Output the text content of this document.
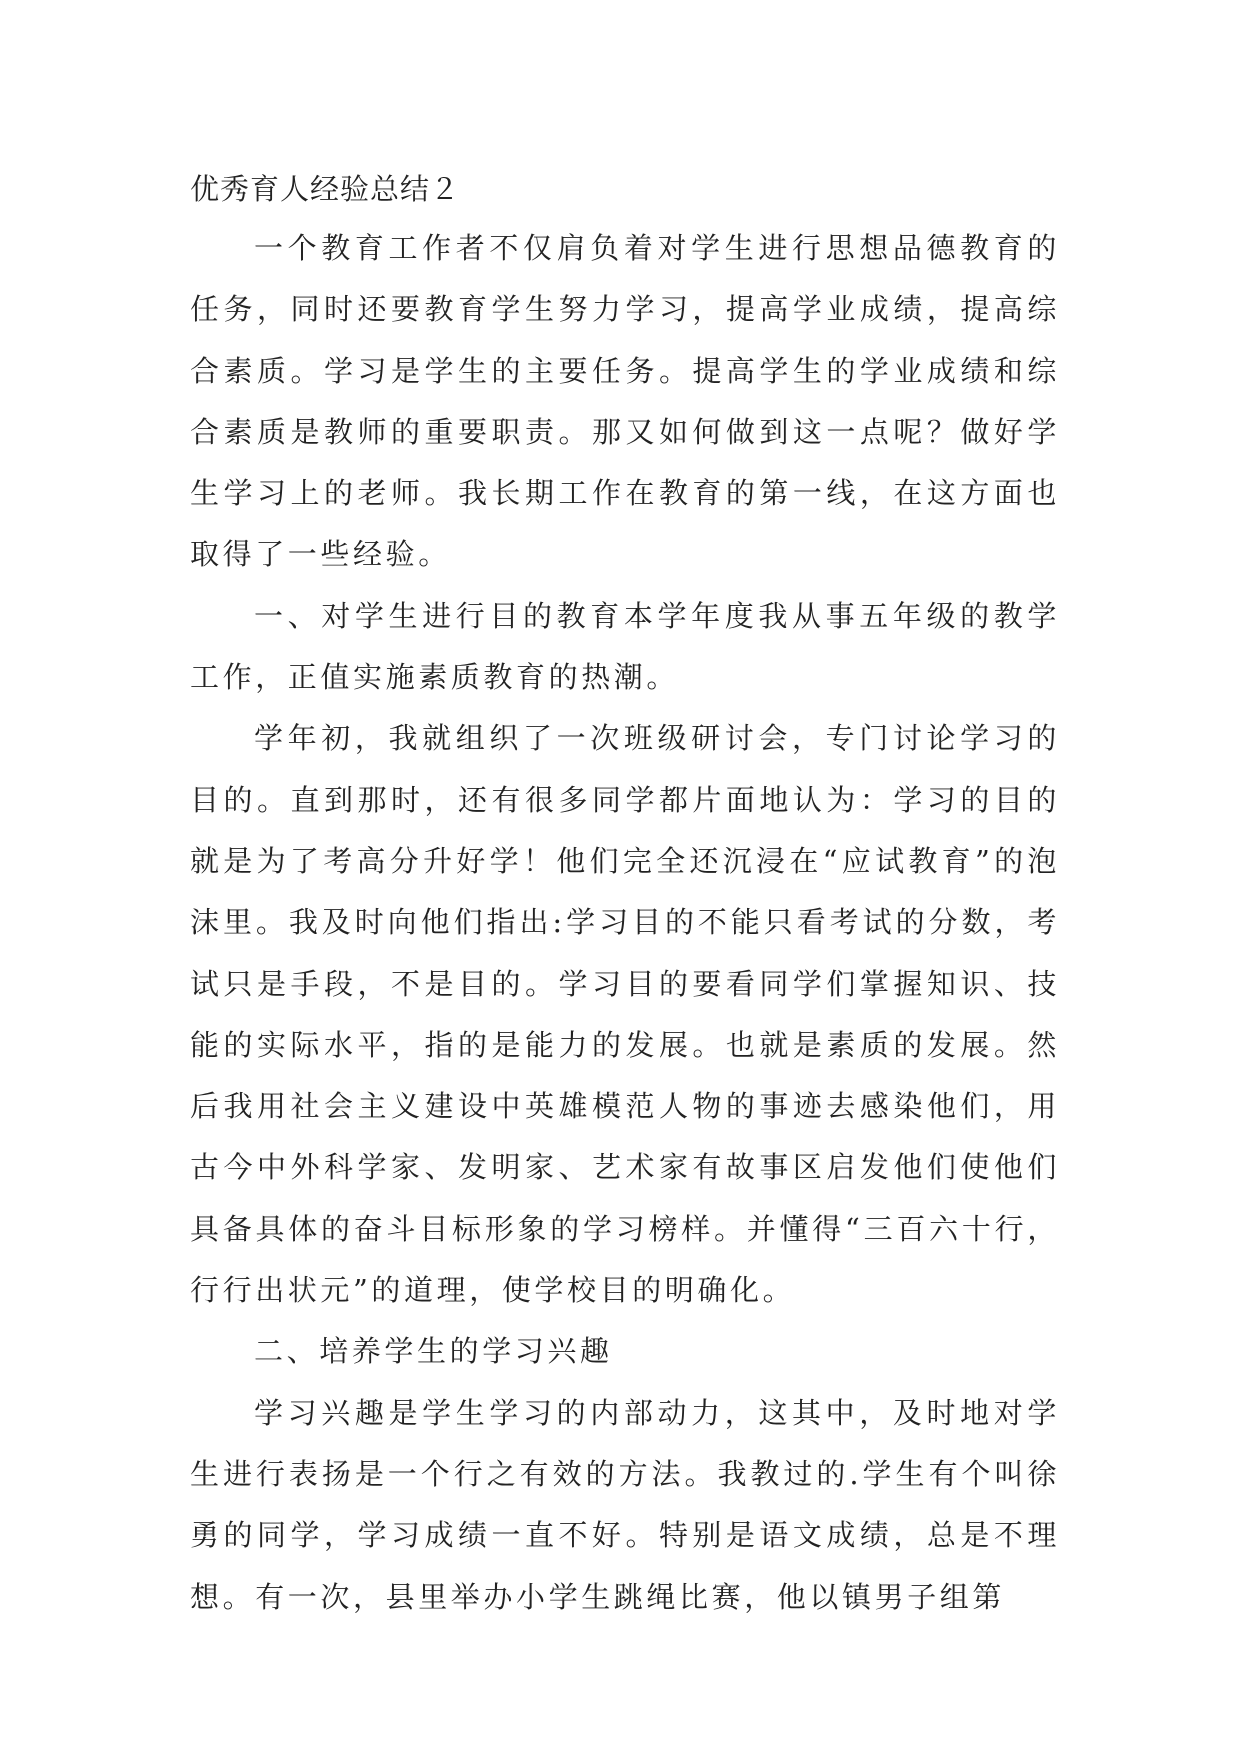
优秀育人经验总结２

一个教育工作者不仅肩负着对学生进行思想品德教育的任务，同时还要教育学生努力学习，提高学业成绩，提高综合素质。学习是学生的主要任务。提高学生的学业成绩和综合素质是教师的重要职责。那又如何做到这一点呢？做好学生学习上的老师。我长期工作在教育的第一线，在这方面也取得了一些经验。

一、对学生进行目的教育本学年度我从事五年级的教学工作，正值实施素质教育的热潮。

学年初，我就组织了一次班级研讨会，专门讨论学习的目的。直到那时，还有很多同学都片面地认为：学习的目的就是为了考高分升好学！他们完全还沉浸在“应试教育”的泡沫里。我及时向他们指出:学习目的不能只看考试的分数，考试只是手段，不是目的。学习目的要看同学们掌握知识、技能的实际水平，指的是能力的发展。也就是素质的发展。然后我用社会主义建设中英雄模范人物的事迹去感染他们，用古今中外科学家、发明家、艺术家有故事区启发他们使他们具备具体的奋斗目标形象的学习榜样。并懂得“三百六十行，行行出状元”的道理，使学校目的明确化。

二、培养学生的学习兴趣

学习兴趣是学生学习的内部动力，这其中，及时地对学生进行表扬是一个行之有效的方法。我教过的.学生有个叫徐勇的同学，学习成绩一直不好。特别是语文成绩，总是不理想。有一次，县里举办小学生跳绳比赛，他以镇男子组第
